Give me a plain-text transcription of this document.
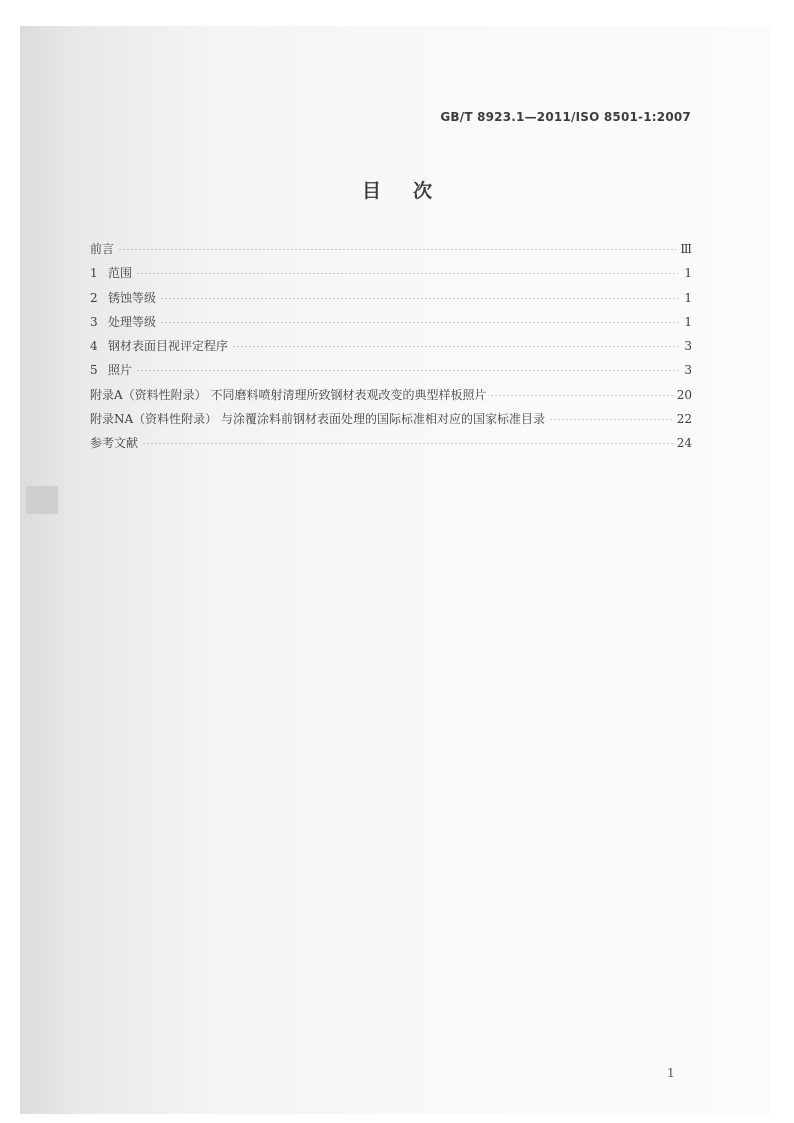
GB/T 8923.1—2011/ISO 8501-1:2007
目次
前言	Ⅲ
1 范围	1
2 锈蚀等级	1
3 处理等级	1
4 钢材表面目视评定程序	3
5 照片	3
附录A（资料性附录） 不同磨料喷射清理所致钢材表观改变的典型样板照片	20
附录NA（资料性附录） 与涂覆涂料前钢材表面处理的国际标准相对应的国家标准目录	22
参考文献	24
1
